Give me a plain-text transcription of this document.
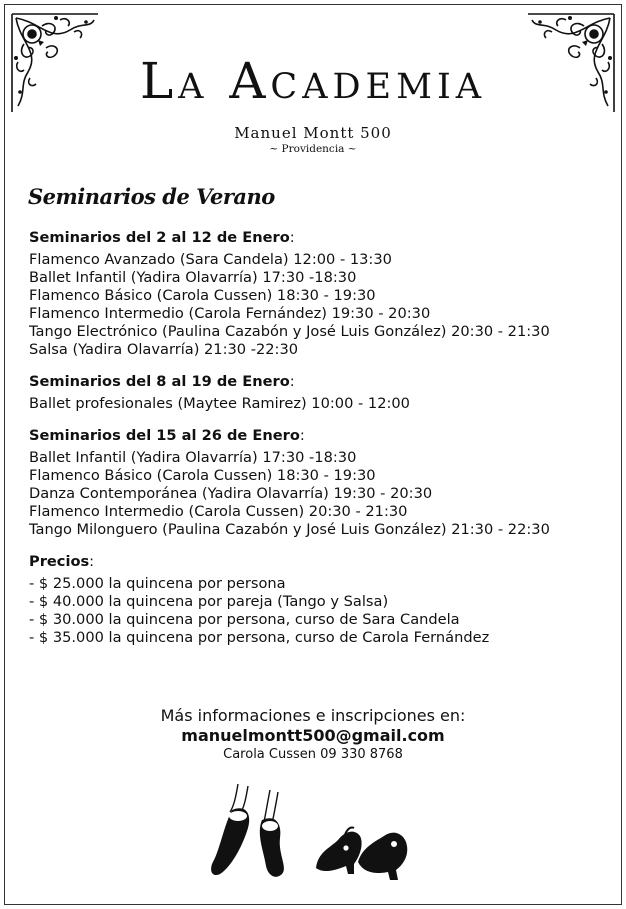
La Academia
Manuel Montt 500
~ Providencia ~
Seminarios de Verano
Seminarios del 2 al 12 de Enero:
Flamenco Avanzado (Sara Candela) 12:00 - 13:30
Ballet Infantil (Yadira Olavarría) 17:30 -18:30
Flamenco Básico (Carola Cussen) 18:30 - 19:30
Flamenco Intermedio (Carola Fernández) 19:30 - 20:30
Tango Electrónico (Paulina Cazabón y José Luis González) 20:30 - 21:30
Salsa (Yadira Olavarría) 21:30 -22:30
Seminarios del 8 al 19 de Enero:
Ballet profesionales (Maytee Ramirez) 10:00 - 12:00
Seminarios del 15 al 26 de Enero:
Ballet Infantil (Yadira Olavarría) 17:30 -18:30
Flamenco Básico (Carola Cussen) 18:30 - 19:30
Danza Contemporánea (Yadira Olavarría) 19:30 - 20:30
Flamenco Intermedio (Carola Cussen) 20:30 - 21:30
Tango Milonguero (Paulina Cazabón y José Luis González) 21:30 - 22:30
Precios:
- $ 25.000 la quincena por persona
- $ 40.000 la quincena por pareja (Tango y Salsa)
- $ 30.000 la quincena por persona, curso de Sara Candela
- $ 35.000 la quincena por persona, curso de Carola Fernández
Más informaciones e inscripciones en:
manuelmontt500@gmail.com
Carola Cussen 09 330 8768
